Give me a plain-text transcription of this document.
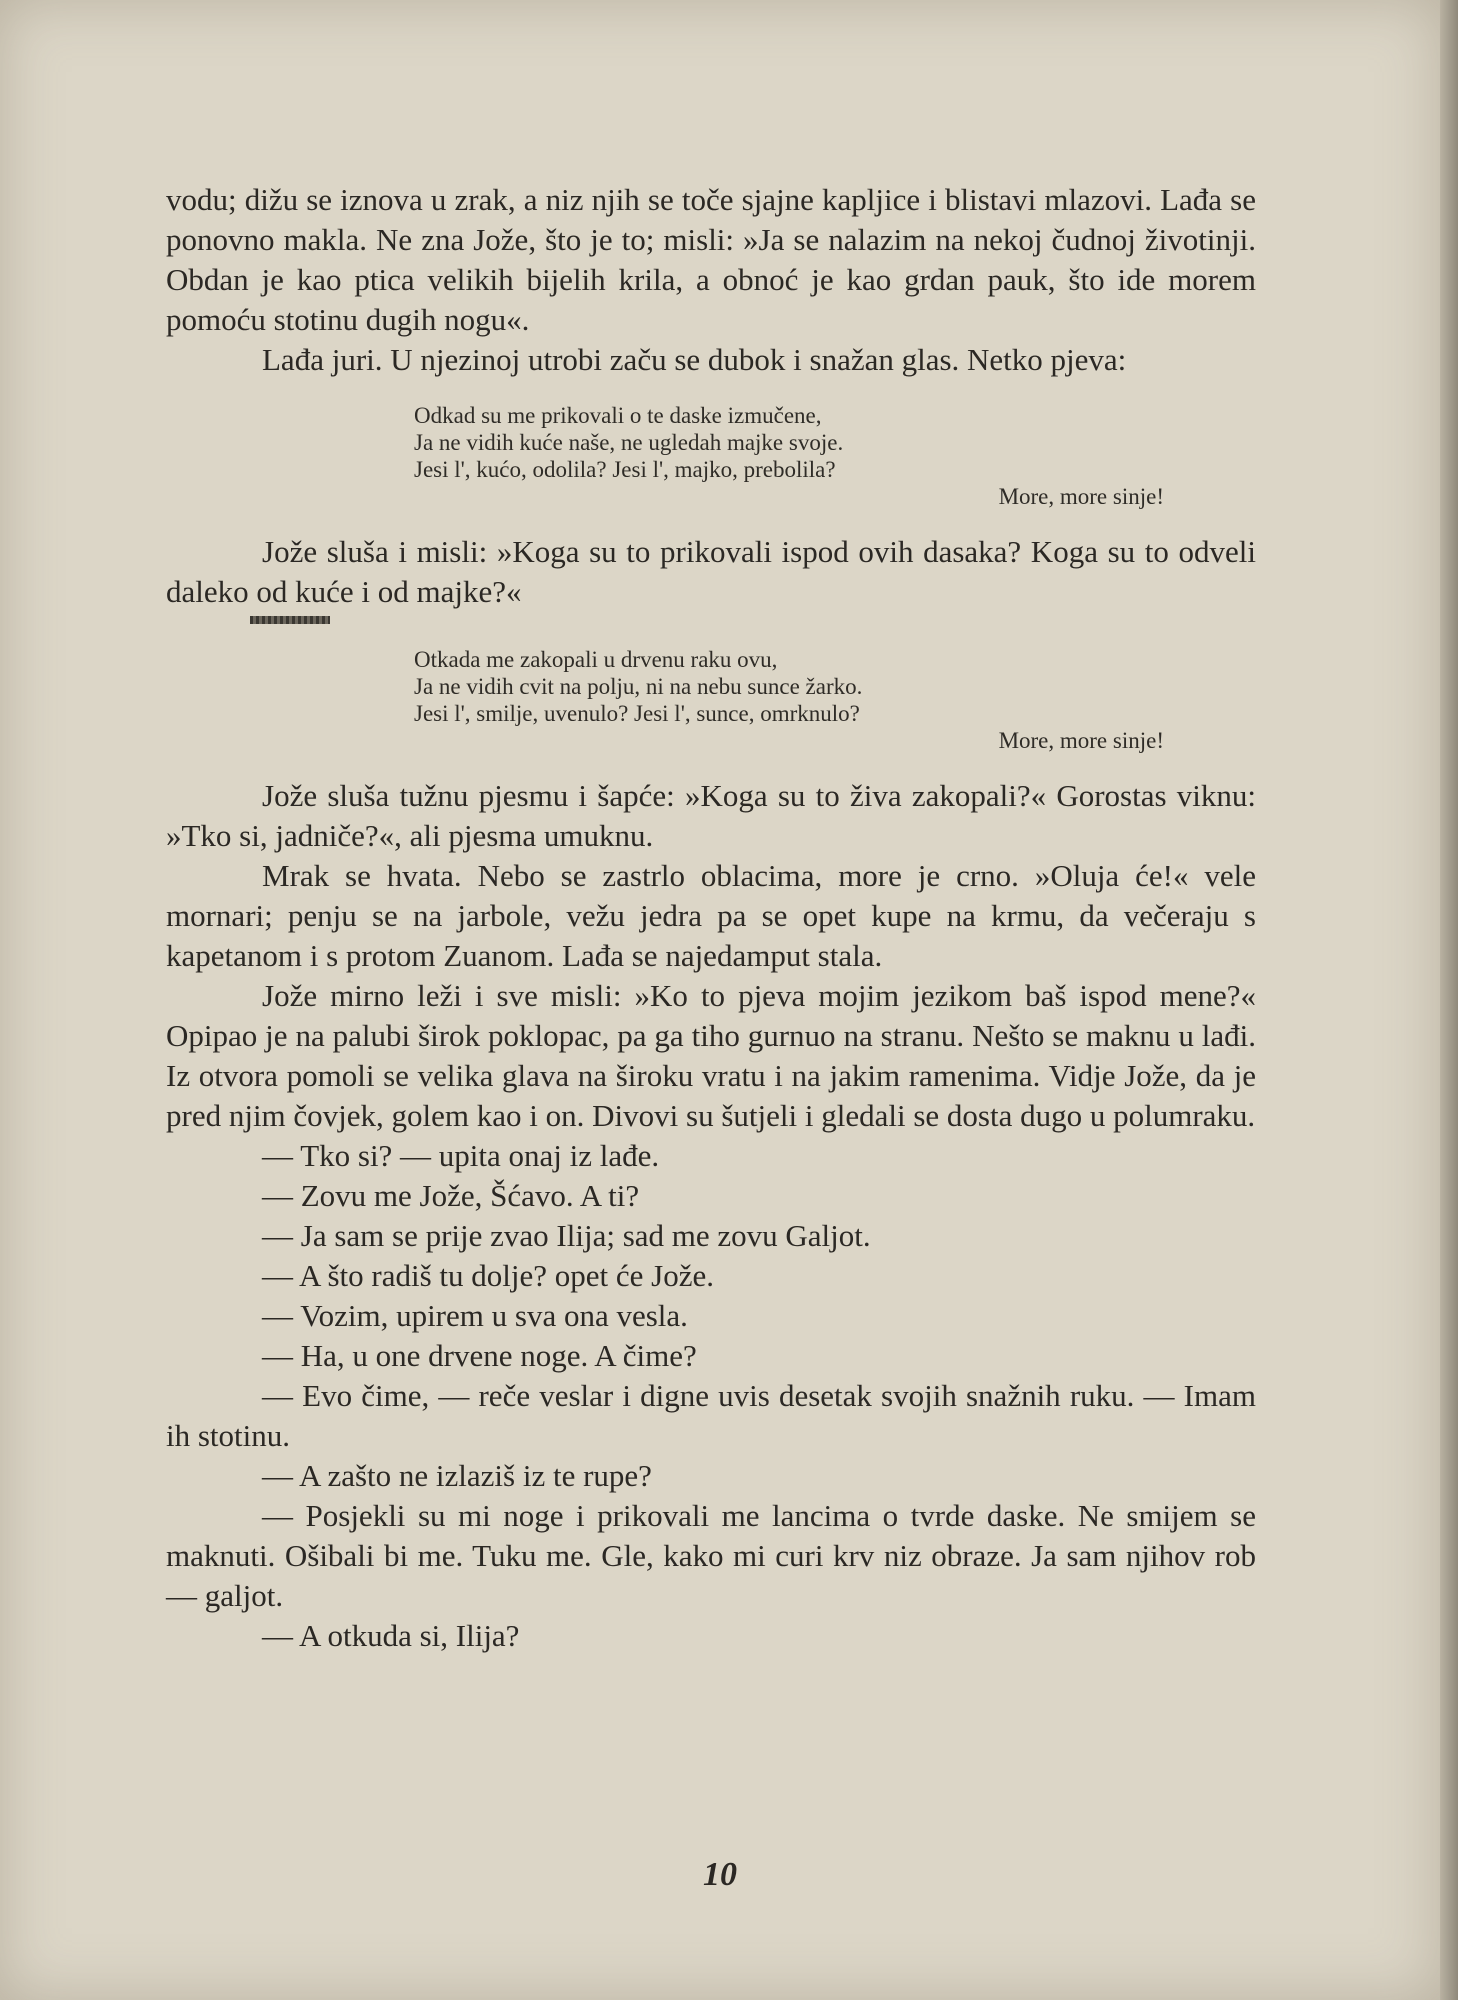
vodu; dižu se iznova u zrak, a niz njih se toče sjajne kapljice i blistavi mlazovi. Lađa se ponovno makla. Ne zna Jože, što je to; misli: »Ja se nalazim na nekoj čudnoj životinji. Obdan je kao ptica velikih bijelih krila, a obnoć je kao grdan pauk, što ide morem pomoću stotinu dugih nogu«.

Lađa juri. U njezinoj utrobi začu se dubok i snažan glas. Netko pjeva:

Odkad su me prikovali o te daske izmučene,
Ja ne vidih kuće naše, ne ugledah majke svoje.
Jesi l', kućo, odolila? Jesi l', majko, prebolila?
More, more sinje!

Jože sluša i misli: »Koga su to prikovali ispod ovih dasaka? Koga su to odveli daleko od kuće i od majke?«

Otkada me zakopali u drvenu raku ovu,
Ja ne vidih cvit na polju, ni na nebu sunce žarko.
Jesi l', smilje, uvenulo? Jesi l', sunce, omrknulo?
More, more sinje!

Jože sluša tužnu pjesmu i šapće: »Koga su to živa zakopali?« Gorostas viknu: »Tko si, jadniče?«, ali pjesma umuknu.

Mrak se hvata. Nebo se zastrlo oblacima, more je crno. »Oluja će!« vele mornari; penju se na jarbole, vežu jedra pa se opet kupe na krmu, da večeraju s kapetanom i s protom Zuanom. Lađa se najedamput stala.

Jože mirno leži i sve misli: »Ko to pjeva mojim jezikom baš ispod mene?« Opipao je na palubi širok poklopac, pa ga tiho gurnuo na stranu. Nešto se maknu u lađi. Iz otvora pomoli se velika glava na široku vratu i na jakim ramenima. Vidje Jože, da je pred njim čovjek, golem kao i on. Divovi su šutjeli i gledali se dosta dugo u polumraku.

— Tko si? — upita onaj iz lađe.

— Zovu me Jože, Šćavo. A ti?

— Ja sam se prije zvao Ilija; sad me zovu Galjot.

— A što radiš tu dolje? opet će Jože.

— Vozim, upirem u sva ona vesla.

— Ha, u one drvene noge. A čime?

— Evo čime, — reče veslar i digne uvis desetak svojih snažnih ruku. — Imam ih stotinu.

— A zašto ne izlaziš iz te rupe?

— Posjekli su mi noge i prikovali me lancima o tvrde daske. Ne smijem se maknuti. Ošibali bi me. Tuku me. Gle, kako mi curi krv niz obraze. Ja sam njihov rob — galjot.

— A otkuda si, Ilija?

10
